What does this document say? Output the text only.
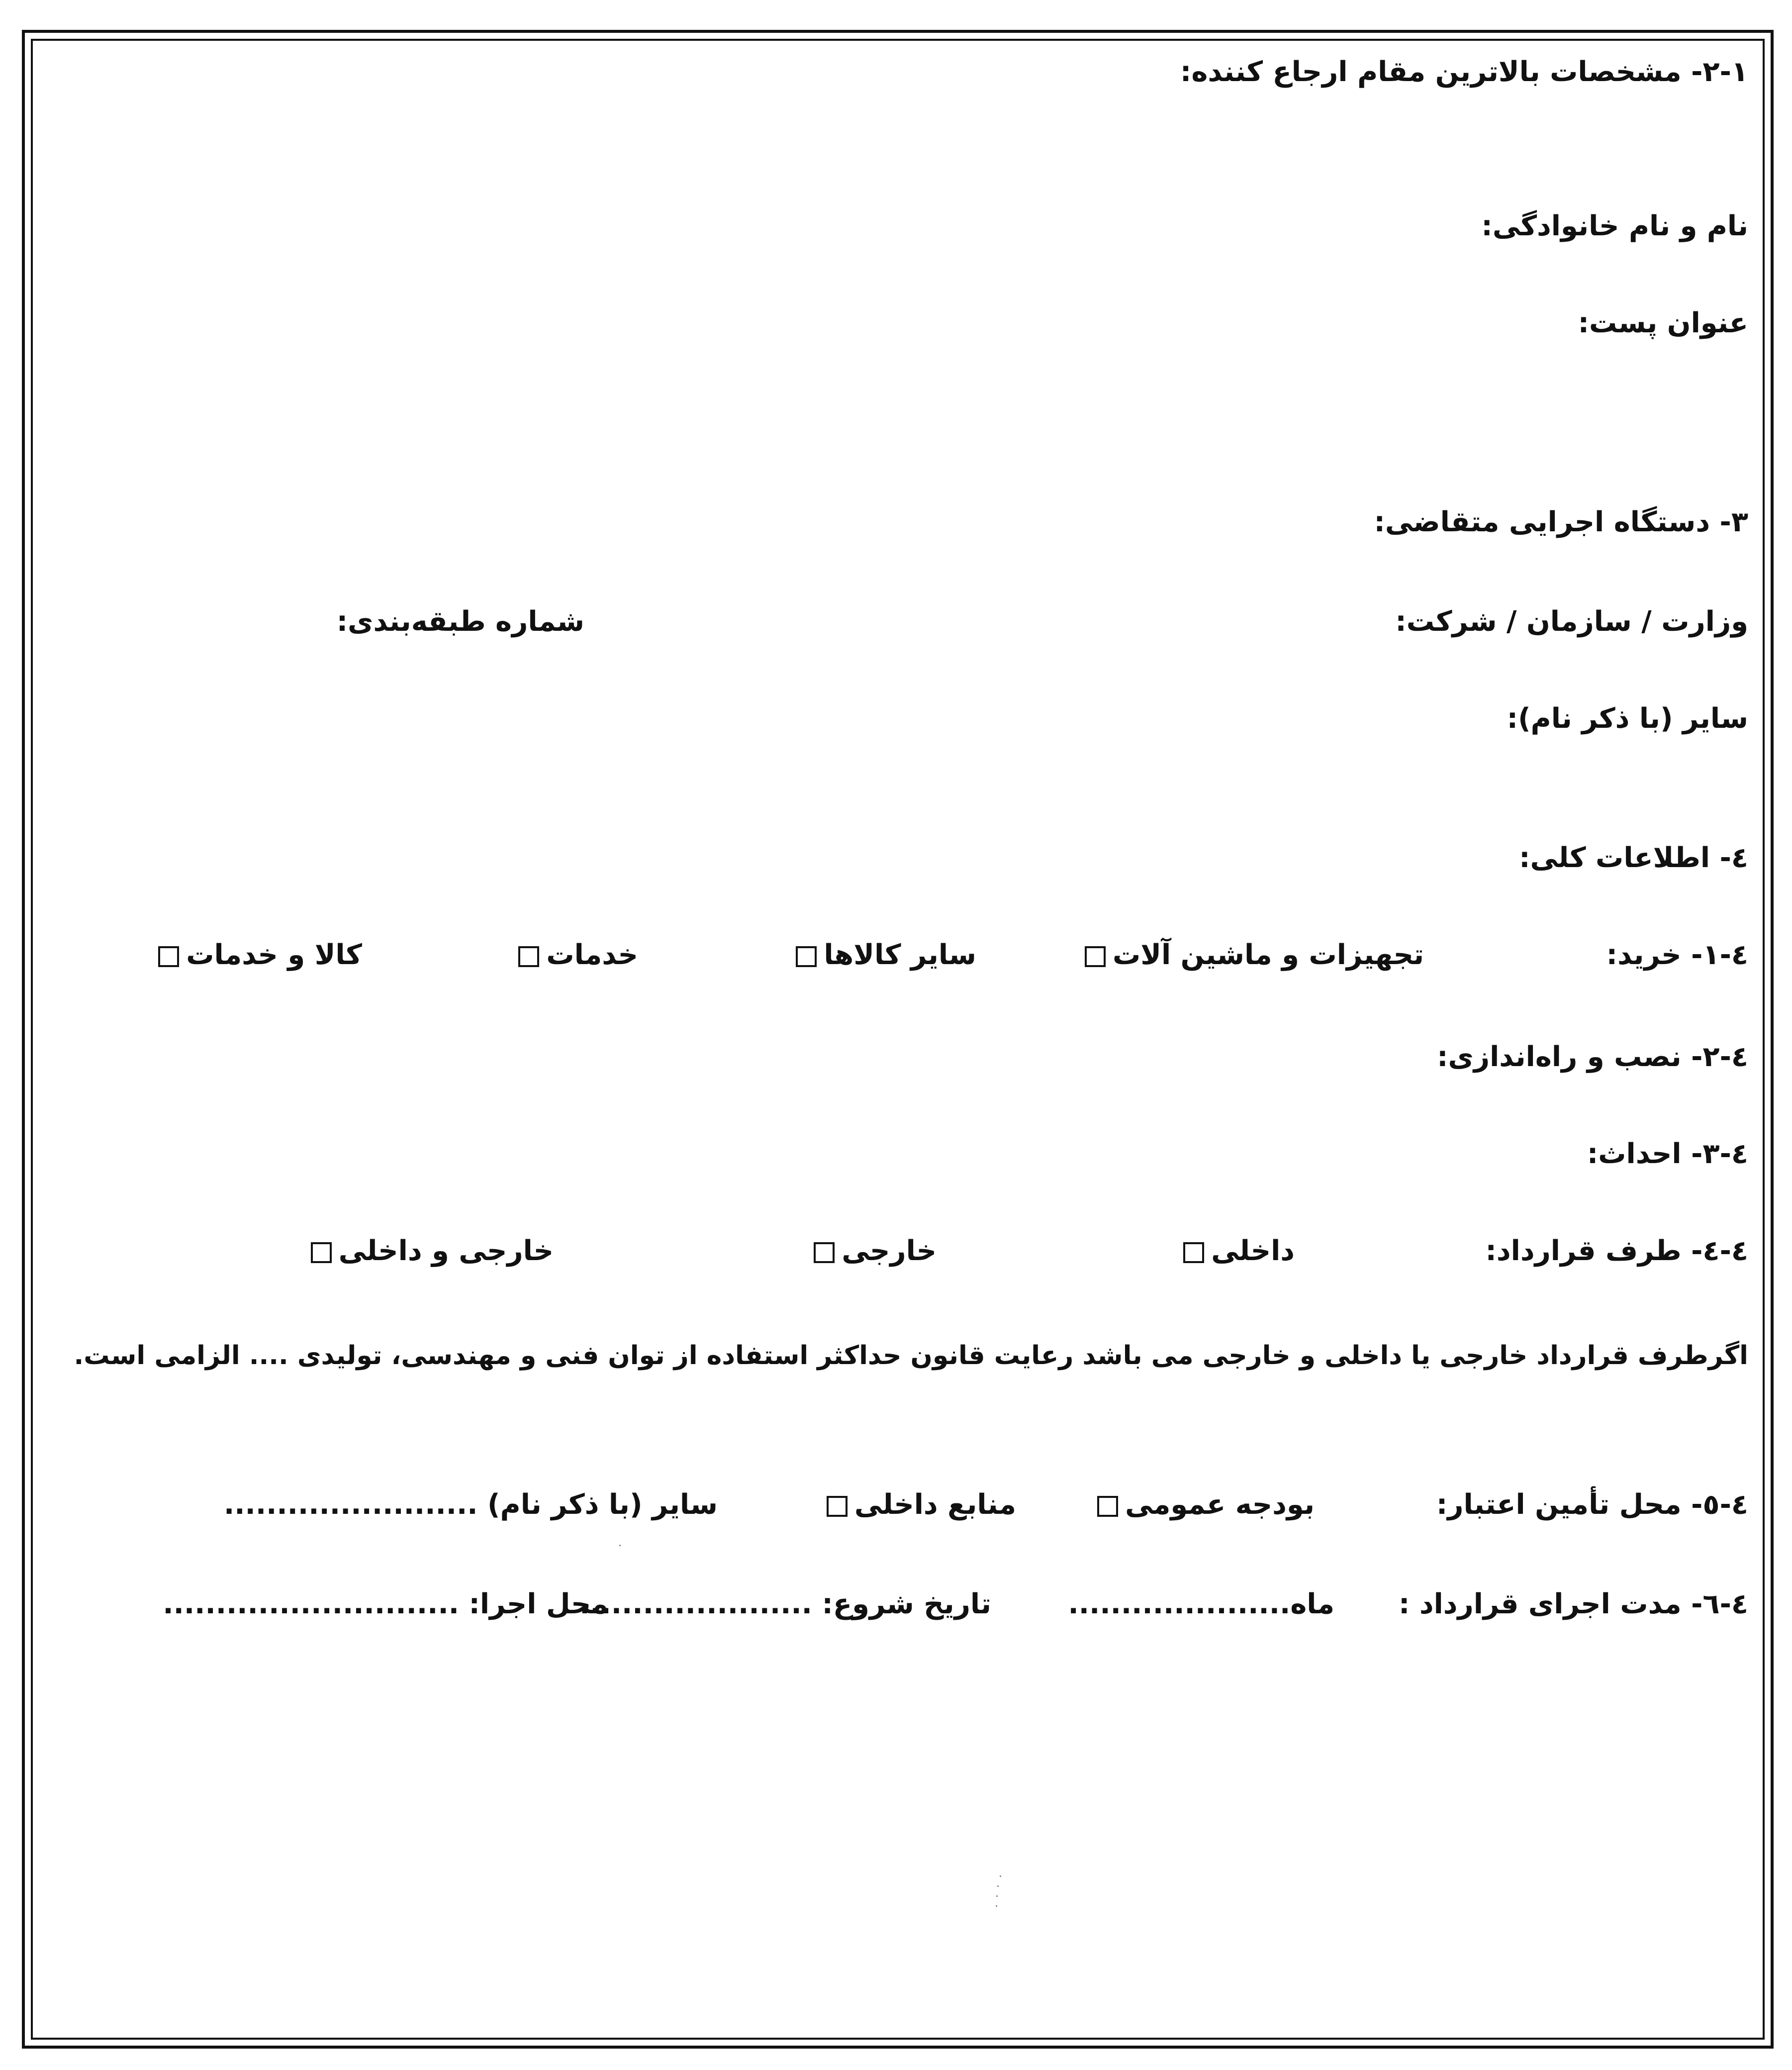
۲-۱- مشخصات بالاترین مقام ارجاع کننده:
نام و نام خانوادگی:
عنوان پست:
۳- دستگاه اجرایی متقاضی:
وزارت / سازمان / شرکت:
شماره طبقه‌بندی:
سایر (با ذکر نام):
٤- اطلاعات کلی:
٤-۱- خرید:
تجهیزات و ماشین آلات
سایر کالاها
خدمات
کالا و خدمات
٤-۲- نصب و راه‌اندازی:
٤-۳- احداث:
٤-٤- طرف قرارداد:
داخلی
خارجی
خارجی و داخلی
اگرطرف قرارداد خارجی یا داخلی و خارجی می باشد رعایت قانون حداکثر استفاده از توان فنی و مهندسی، تولیدی .... الزامی است.
٤-٥- محل تأمین اعتبار:
بودجه عمومی
منابع داخلی
سایر (با ذکر نام) ........................
٤-٦- مدت اجرای قرارداد :
ماه.....................
تاریخ شروع: ......................
محل اجرا: ............................
